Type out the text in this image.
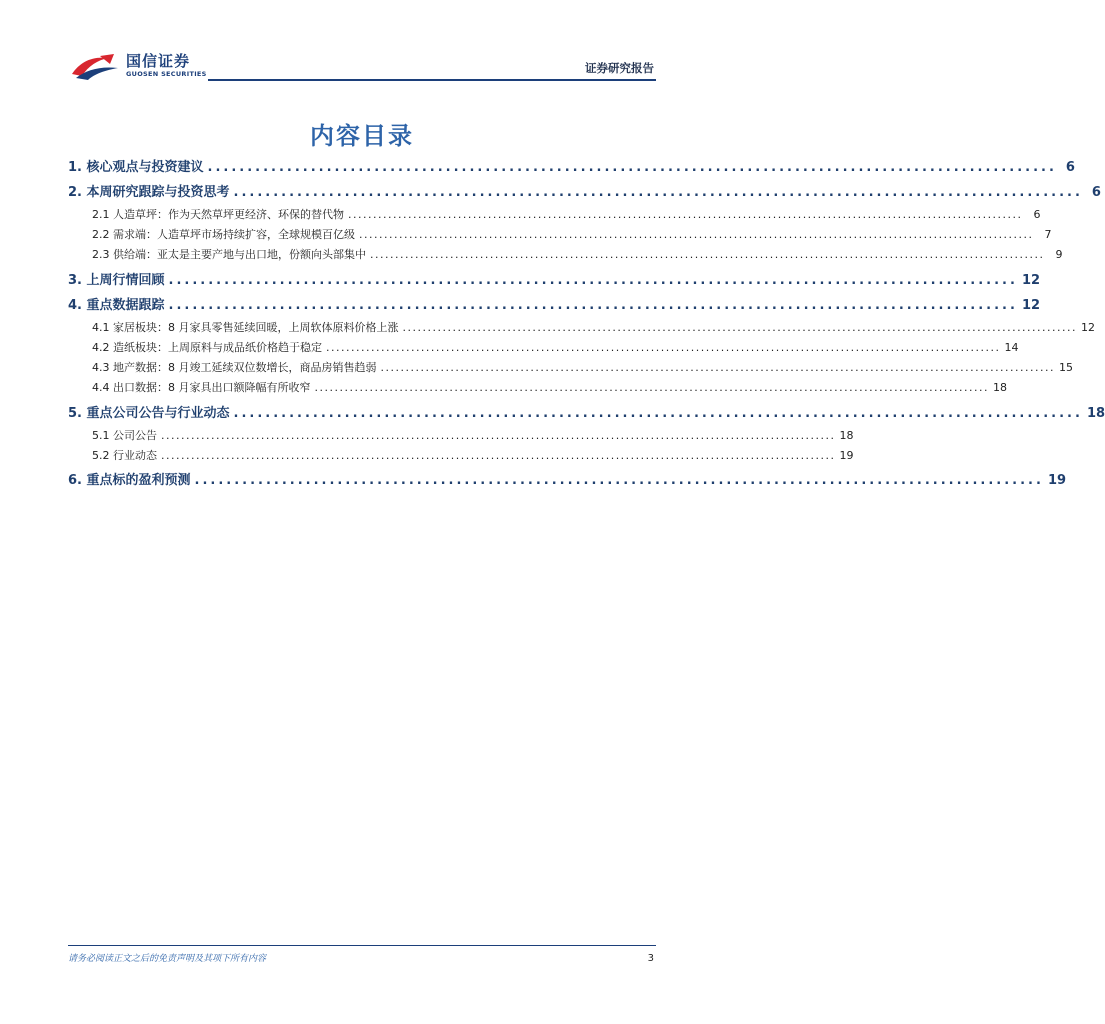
国信证券
GUOSEN SECURITIES	证券研究报告
内容目录
1. 核心观点与投资建议 ........................................................................................................... 6
2. 本周研究跟踪与投资思考 ........................................................................................................... 6
2.1 人造草坪：作为天然草坪更经济、环保的替代物 .......................................................................................................................................	6
2.2 需求端：人造草坪市场持续扩容，全球规模百亿级 .......................................................................................................................................	7
2.3 供给端：亚太是主要产地与出口地，份额向头部集中 .......................................................................................................................................	9
3. 上周行情回顾 ........................................................................................................... 12
4. 重点数据跟踪 ........................................................................................................... 12
4.1 家居板块：8 月家具零售延续回暖，上周软体原料价格上涨 ....................................................................................................................................... 12
4.2 造纸板块：上周原料与成品纸价格趋于稳定 ....................................................................................................................................... 14
4.3 地产数据：8 月竣工延续双位数增长，商品房销售趋弱 ....................................................................................................................................... 15
4.4 出口数据：8 月家具出口额降幅有所收窄 ....................................................................................................................................... 18
5. 重点公司公告与行业动态 ........................................................................................................... 18
5.1 公司公告 ....................................................................................................................................... 18
5.2 行业动态 ....................................................................................................................................... 19
6. 重点标的盈利预测 ........................................................................................................... 19
请务必阅读正文之后的免责声明及其项下所有内容	3
